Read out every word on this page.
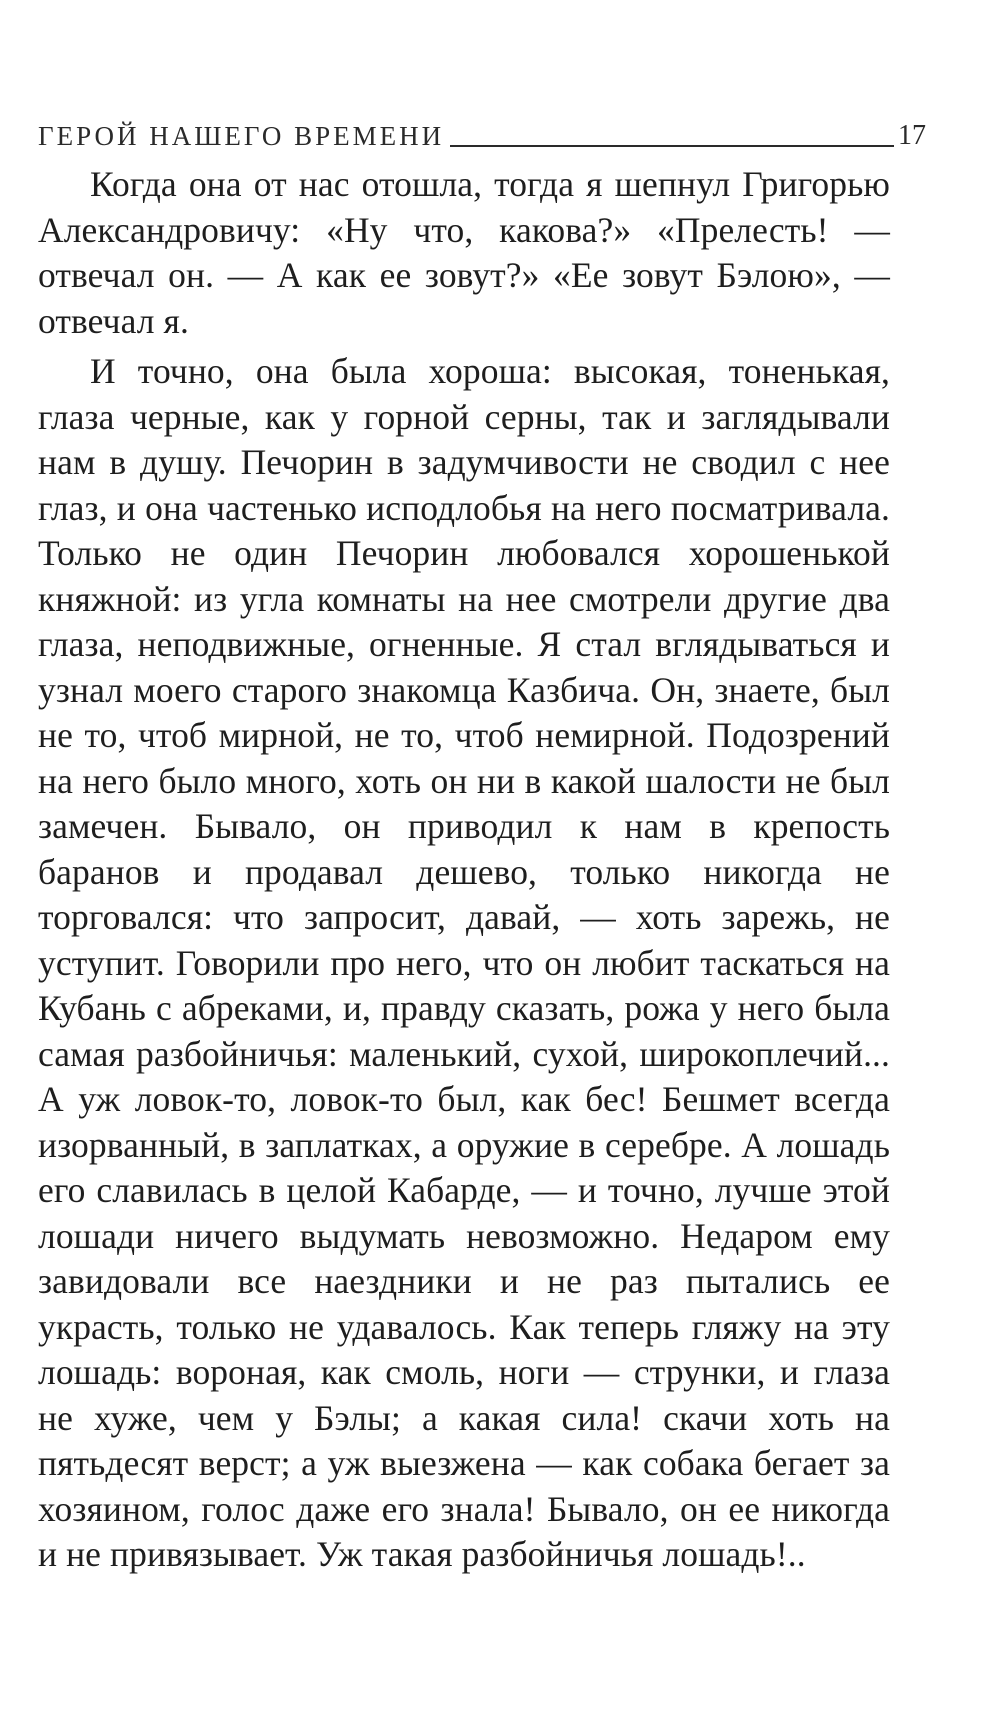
ГЕРОЙ НАШЕГО ВРЕМЕНИ	17

Когда она от нас отошла, тогда я шепнул Григорью Александровичу: «Ну что, какова?» «Прелесть! — отвечал он. — А как ее зовут?» «Ее зовут Бэлою», — отвечал я.

И точно, она была хороша: высокая, тоненькая, глаза черные, как у горной серны, так и заглядывали нам в душу. Печорин в задумчивости не сводил с нее глаз, и она частенько исподлобья на него посматривала. Только не один Печорин любовался хорошенькой княжной: из угла комнаты на нее смотрели другие два глаза, неподвижные, огненные. Я стал вглядываться и узнал моего старого знакомца Казбича. Он, знаете, был не то, чтоб мирной, не то, чтоб немирной. Подозрений на него было много, хоть он ни в какой шалости не был замечен. Бывало, он приводил к нам в крепость баранов и продавал дешево, только никогда не торговался: что запросит, давай, — хоть зарежь, не уступит. Говорили про него, что он любит таскаться на Кубань с абреками, и, правду сказать, рожа у него была самая разбойничья: маленький, сухой, широкоплечий... А уж ловок-то, ловок-то был, как бес! Бешмет всегда изорванный, в заплатках, а оружие в серебре. А лошадь его славилась в целой Кабарде, — и точно, лучше этой лошади ничего выдумать невозможно. Недаром ему завидовали все наездники и не раз пытались ее украсть, только не удавалось. Как теперь гляжу на эту лошадь: вороная, как смоль, ноги — струнки, и глаза не хуже, чем у Бэлы; а какая сила! скачи хоть на пятьдесят верст; а уж выезжена — как собака бегает за хозяином, голос даже его знала! Бывало, он ее никогда и не привязывает. Уж такая разбойничья лошадь!..
